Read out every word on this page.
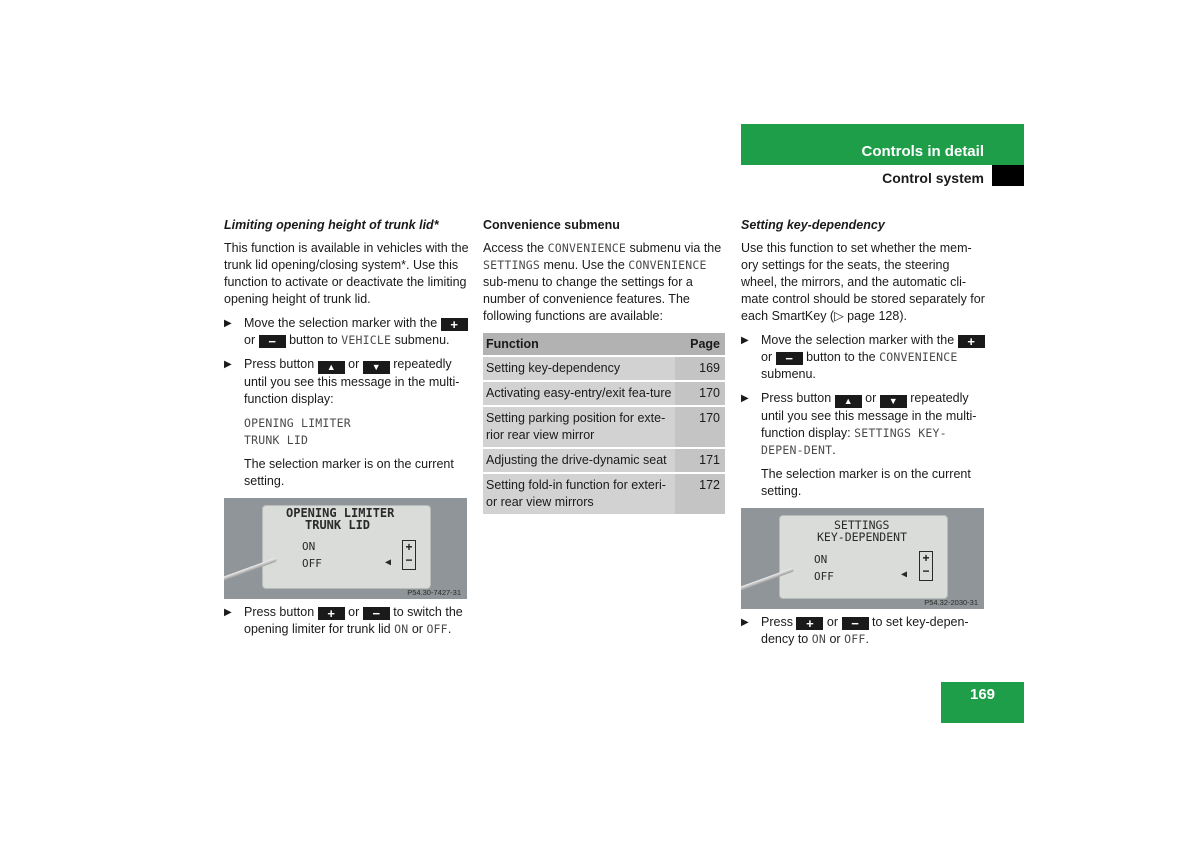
Controls in detail
Control system
Limiting opening height of trunk lid*

This function is available in vehicles with the trunk lid opening/closing system*. Use this function to activate or deactivate the limiting opening height of trunk lid.

▶ Move the selection marker with the + or − button to VEHICLE submenu.
▶ Press button ▲ or ▼ repeatedly until you see this message in the multi-function display:
OPENING LIMITER
TRUNK LID

The selection marker is on the current setting.

OPENING LIMITER
TRUNK LID
ON
OFF	◀
+
−
P54.30-7427-31
▶ Press button + or − to switch the opening limiter for trunk lid ON or OFF.
Convenience submenu

Access the CONVENIENCE submenu via the SETTINGS menu. Use the CONVENIENCE sub-menu to change the settings for a number of convenience features. The following functions are available:

Function	Page
Setting key-dependency	169
Activating easy-entry/exit fea-ture	170
Setting parking position for exte-rior rear view mirror	170
Adjusting the drive-dynamic seat	171
Setting fold-in function for exteri-or rear view mirrors	172
Setting key-dependency

Use this function to set whether the mem-ory settings for the seats, the steering wheel, the mirrors, and the automatic cli-mate control should be stored separately for each SmartKey (▷ page 128).

▶ Move the selection marker with the + or − button to the CONVENIENCE submenu.
▶ Press button ▲ or ▼ repeatedly until you see this message in the multi-function display: SETTINGS KEY-DEPEN-DENT.

The selection marker is on the current setting.

SETTINGS
KEY-DEPENDENT
ON
OFF	◀
+
−
P54.32-2030-31
▶ Press + or − to set key-depen-dency to ON or OFF.
169
